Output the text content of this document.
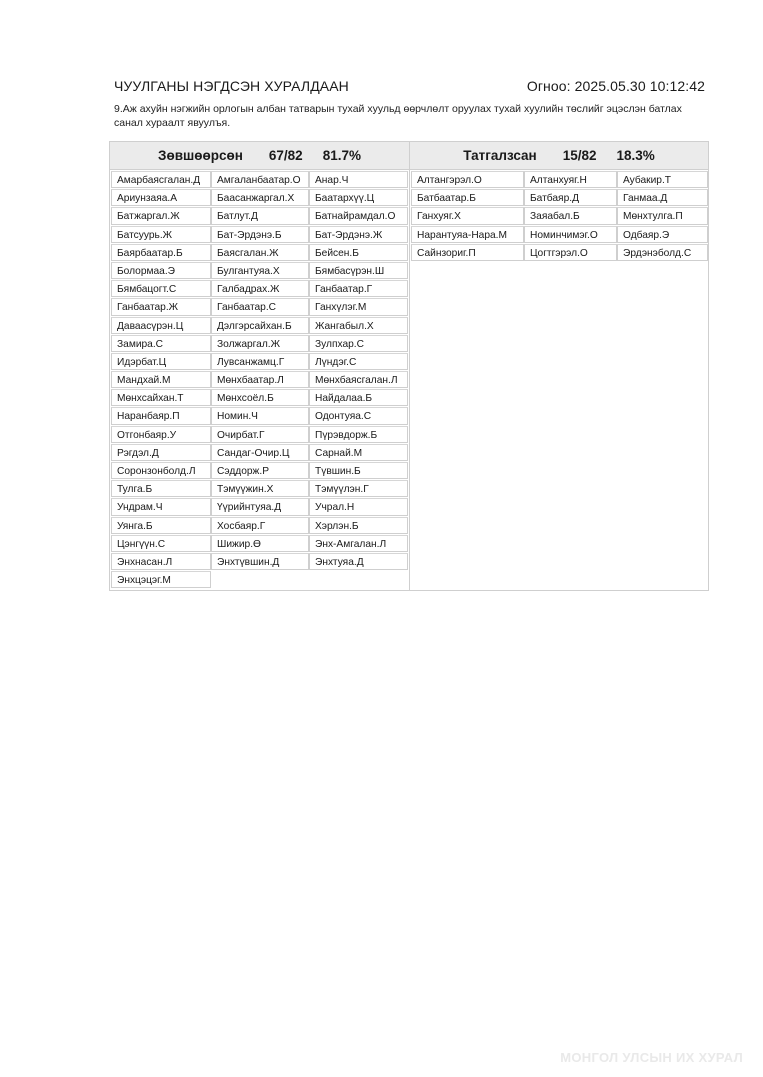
ЧУУЛГАНЫ НЭГДСЭН ХУРАЛДААН	Огноо: 2025.05.30 10:12:42
9.Аж ахуйн нэгжийн орлогын албан татварын тухай хуульд өөрчлөлт оруулах тухай хуулийн төслийг эцэслэн батлах санал хураалт явуулъя.
Зөвшөөрсөн 67/82 81.7%
Амарбаясгалан.Д	Амгаланбаатар.О	Анар.Ч
Ариунзаяа.А	Баасанжаргал.Х	Баатархүү.Ц
Батжаргал.Ж	Батлут.Д	Батнайрамдал.О
Батсуурь.Ж	Бат-Эрдэнэ.Б	Бат-Эрдэнэ.Ж
Баярбаатар.Б	Баясгалан.Ж	Бейсен.Б
Болормаа.Э	Булгантуяа.Х	Бямбасүрэн.Ш
Бямбацогт.С	Галбадрах.Ж	Ганбаатар.Г
Ганбаатар.Ж	Ганбаатар.С	Ганхүлэг.М
Даваасүрэн.Ц	Дэлгэрсайхан.Б	Жангабыл.Х
Замира.С	Золжаргал.Ж	Зулпхар.С
Идэрбат.Ц	Лувсанжамц.Г	Лүндэг.С
Мандхай.М	Мөнхбаатар.Л	Мөнхбаясгалан.Л
Мөнхсайхан.Т	Мөнхсоёл.Б	Найдалаа.Б
Наранбаяр.П	Номин.Ч	Одонтуяа.С
Отгонбаяр.У	Очирбат.Г	Пүрэвдорж.Б
Рэгдэл.Д	Сандаг-Очир.Ц	Сарнай.М
Соронзонболд.Л	Сэддорж.Р	Түвшин.Б
Тулга.Б	Тэмүүжин.Х	Тэмүүлэн.Г
Ундрам.Ч	Үүрийнтуяа.Д	Учрал.Н
Уянга.Б	Хосбаяр.Г	Хэрлэн.Б
Цэнгүүн.С	Шижир.Ө	Энх-Амгалан.Л
Энхнасан.Л	Энхтүвшин.Д	Энхтуяа.Д
Энхцэцэг.М
Татгалзсан 15/82 18.3%
Алтангэрэл.О	Алтанхуяг.Н	Аубакир.Т
Батбаатар.Б	Батбаяр.Д	Ганмаа.Д
Ганхуяг.Х	Заяабал.Б	Мөнхтулга.П
Нарантуяа-Нара.М	Номинчимэг.О	Одбаяр.Э
Сайнзориг.П	Цогтгэрэл.О	Эрдэнэболд.С
МОНГОЛ УЛСЫН ИХ ХУРАЛ
